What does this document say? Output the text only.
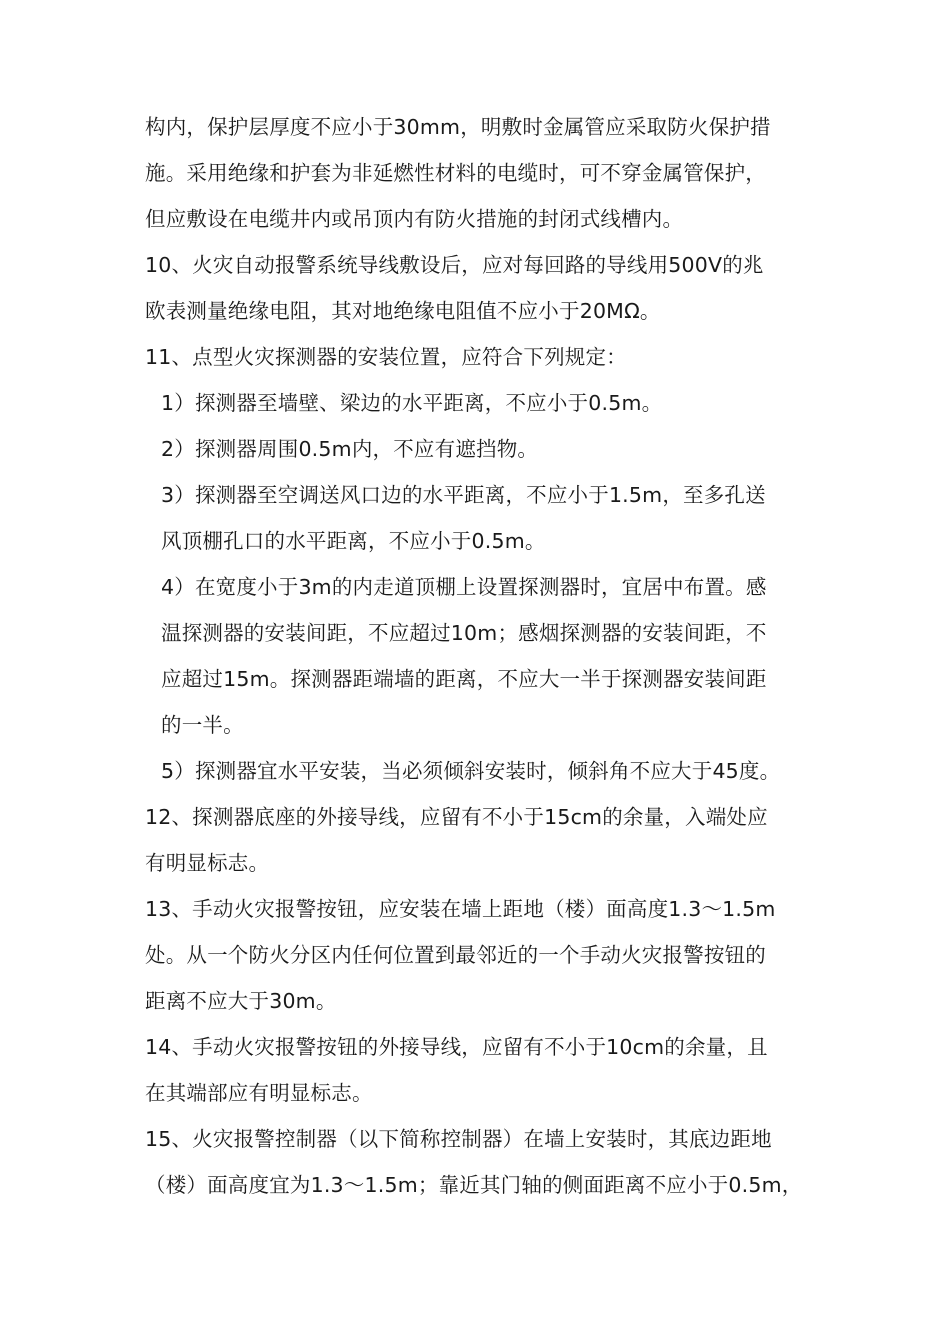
构内，保护层厚度不应小于30mm，明敷时金属管应采取防火保护措
施。采用绝缘和护套为非延燃性材料的电缆时，可不穿金属管保护，
但应敷设在电缆井内或吊顶内有防火措施的封闭式线槽内。
10、火灾自动报警系统导线敷设后，应对每回路的导线用500V的兆
欧表测量绝缘电阻，其对地绝缘电阻值不应小于20MΩ。
11、点型火灾探测器的安装位置，应符合下列规定：
1）探测器至墙壁、梁边的水平距离，不应小于0.5m。
2）探测器周围0.5m内，不应有遮挡物。
3）探测器至空调送风口边的水平距离，不应小于1.5m，至多孔送
风顶棚孔口的水平距离，不应小于0.5m。
4）在宽度小于3m的内走道顶棚上设置探测器时，宜居中布置。感
温探测器的安装间距，不应超过10m；感烟探测器的安装间距，不
应超过15m。探测器距端墙的距离，不应大一半于探测器安装间距
的一半。
5）探测器宜水平安装，当必须倾斜安装时，倾斜角不应大于45度。
12、探测器底座的外接导线，应留有不小于15cm的余量，入端处应
有明显标志。
13、手动火灾报警按钮，应安装在墙上距地（楼）面高度1.3～1.5m
处。从一个防火分区内任何位置到最邻近的一个手动火灾报警按钮的
距离不应大于30m。
14、手动火灾报警按钮的外接导线，应留有不小于10cm的余量，且
在其端部应有明显标志。
15、火灾报警控制器（以下简称控制器）在墙上安装时，其底边距地
（楼）面高度宜为1.3～1.5m；靠近其门轴的侧面距离不应小于0.5m，
